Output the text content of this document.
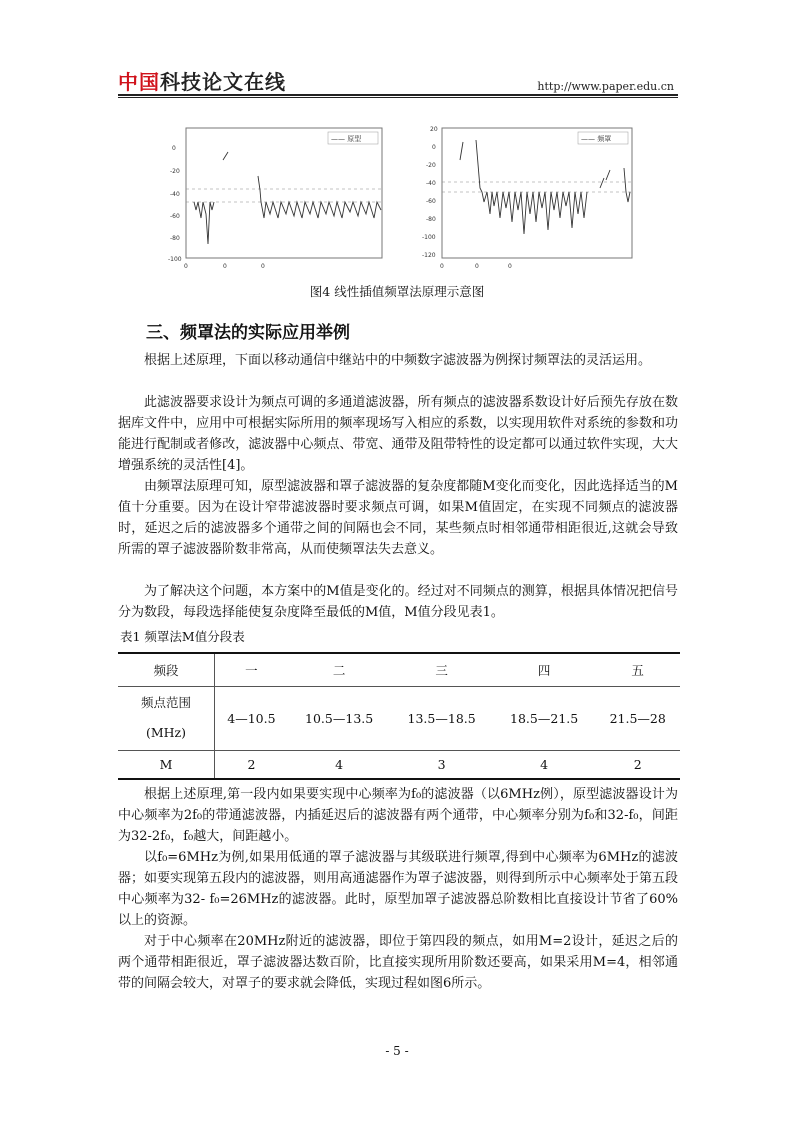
中国科技论文在线	http://www.paper.edu.cn
0
-20
-40
-60
-80
-100
0	0	0
—— 原型
20
0
-20
-40
-60
-80
-100
-120
0	0	0
—— 频罩
图4 线性插值频罩法原理示意图
三、频罩法的实际应用举例
根据上述原理，下面以移动通信中继站中的中频数字滤波器为例探讨频罩法的灵活运用。
此滤波器要求设计为频点可调的多通道滤波器，所有频点的滤波器系数设计好后预先存放在数据库文件中，应用中可根据实际所用的频率现场写入相应的系数，以实现用软件对系统的参数和功能进行配制或者修改，滤波器中心频点、带宽、通带及阻带特性的设定都可以通过软件实现，大大增强系统的灵活性[4]。
由频罩法原理可知，原型滤波器和罩子滤波器的复杂度都随M变化而变化，因此选择适当的M值十分重要。因为在设计窄带滤波器时要求频点可调，如果M值固定，在实现不同频点的滤波器时，延迟之后的滤波器多个通带之间的间隔也会不同，某些频点时相邻通带相距很近,这就会导致所需的罩子滤波器阶数非常高，从而使频罩法失去意义。
为了解决这个问题，本方案中的M值是变化的。经过对不同频点的测算，根据具体情况把信号分为数段，每段选择能使复杂度降至最低的M值，M值分段见表1。
表1 频罩法M值分段表
频段	一	二	三	四	五
频点范围
(MHz)	4—10.5	10.5—13.5	13.5—18.5	18.5—21.5	21.5—28
M	2	4	3	4	2
根据上述原理,第一段内如果要实现中心频率为f₀的滤波器（以6MHz例），原型滤波器设计为中心频率为2f₀的带通滤波器，内插延迟后的滤波器有两个通带，中心频率分别为f₀和32-f₀，间距为32-2f₀，f₀越大，间距越小。
以f₀=6MHz为例,如果用低通的罩子滤波器与其级联进行频罩,得到中心频率为6MHz的滤波器；如要实现第五段内的滤波器，则用高通滤器作为罩子滤波器，则得到所示中心频率处于第五段中心频率为32- f₀=26MHz的滤波器。此时，原型加罩子滤波器总阶数相比直接设计节省了60%以上的资源。
对于中心频率在20MHz附近的滤波器，即位于第四段的频点，如用M=2设计，延迟之后的两个通带相距很近，罩子滤波器达数百阶，比直接实现所用阶数还要高，如果采用M=4，相邻通带的间隔会较大，对罩子的要求就会降低，实现过程如图6所示。
- 5 -
